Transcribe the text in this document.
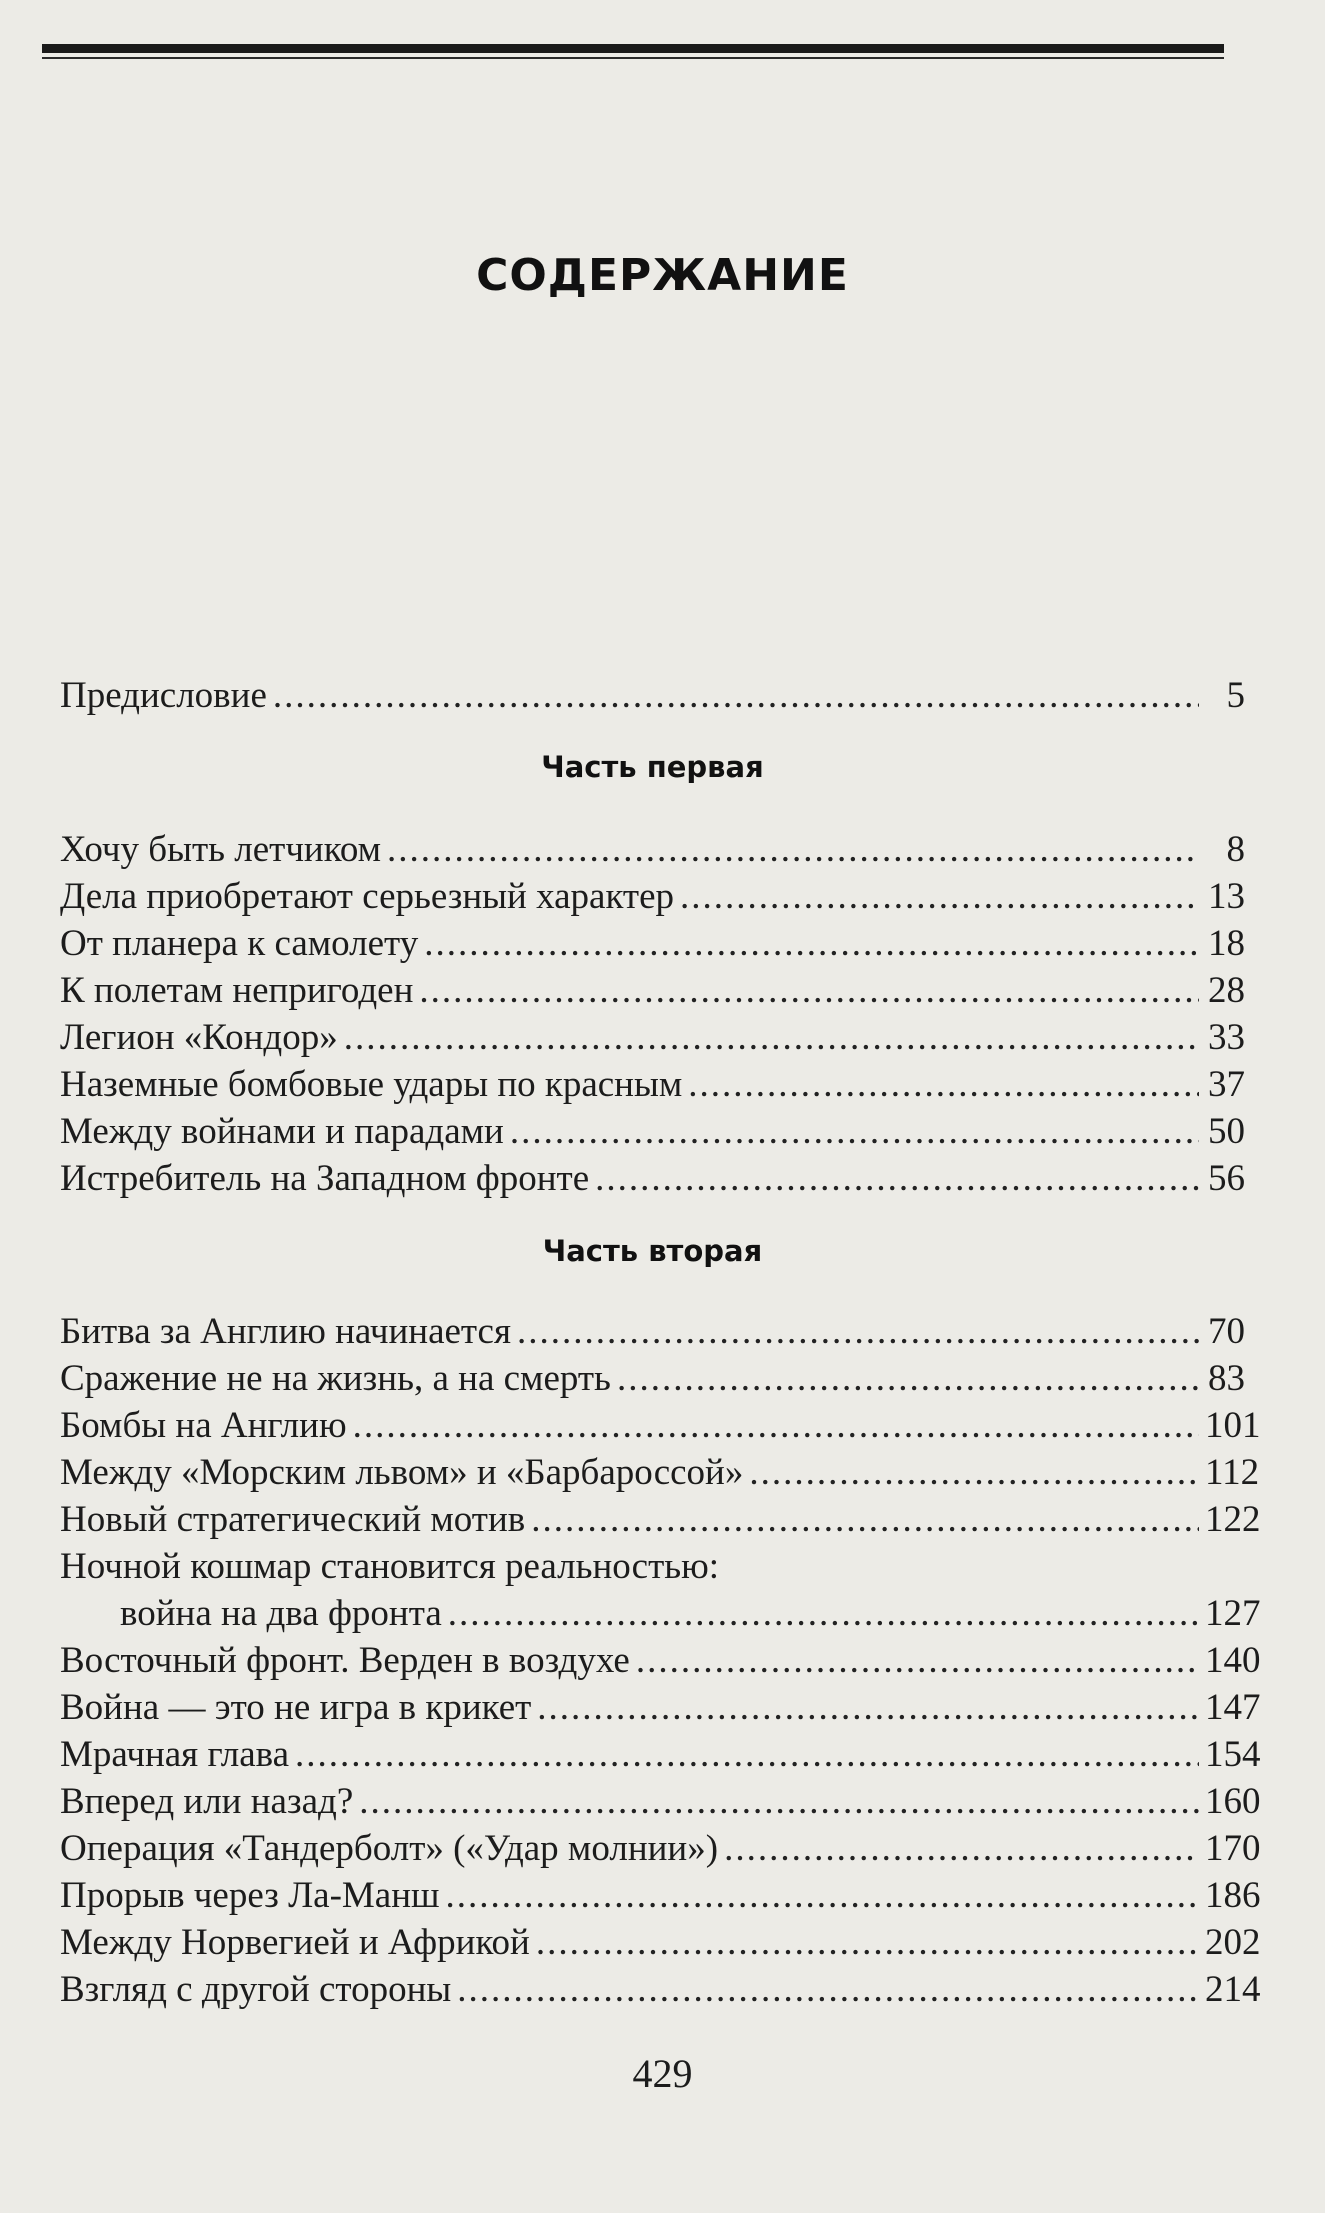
СОДЕРЖАНИЕ
Предисловие .....	5
Часть первая
Хочу быть летчиком .....	8
Дела приобретают серьезный характер .....	13
От планера к самолету .....	18
К полетам непригоден .....	28
Легион «Кондор» .....	33
Наземные бомбовые удары по красным .....	37
Между войнами и парадами .....	50
Истребитель на Западном фронте .....	56
Часть вторая
Битва за Англию начинается .....	70
Сражение не на жизнь, а на смерть .....	83
Бомбы на Англию .....	101
Между «Морским львом» и «Барбароссой» .....	112
Новый стратегический мотив .....	122
Ночной кошмар становится реальностью:
война на два фронта .....	127
Восточный фронт. Верден в воздухе .....	140
Война — это не игра в крикет .....	147
Мрачная глава .....	154
Вперед или назад? .....	160
Операция «Тандерболт» («Удар молнии») .....	170
Прорыв через Ла-Манш .....	186
Между Норвегией и Африкой .....	202
Взгляд с другой стороны .....	214
429
